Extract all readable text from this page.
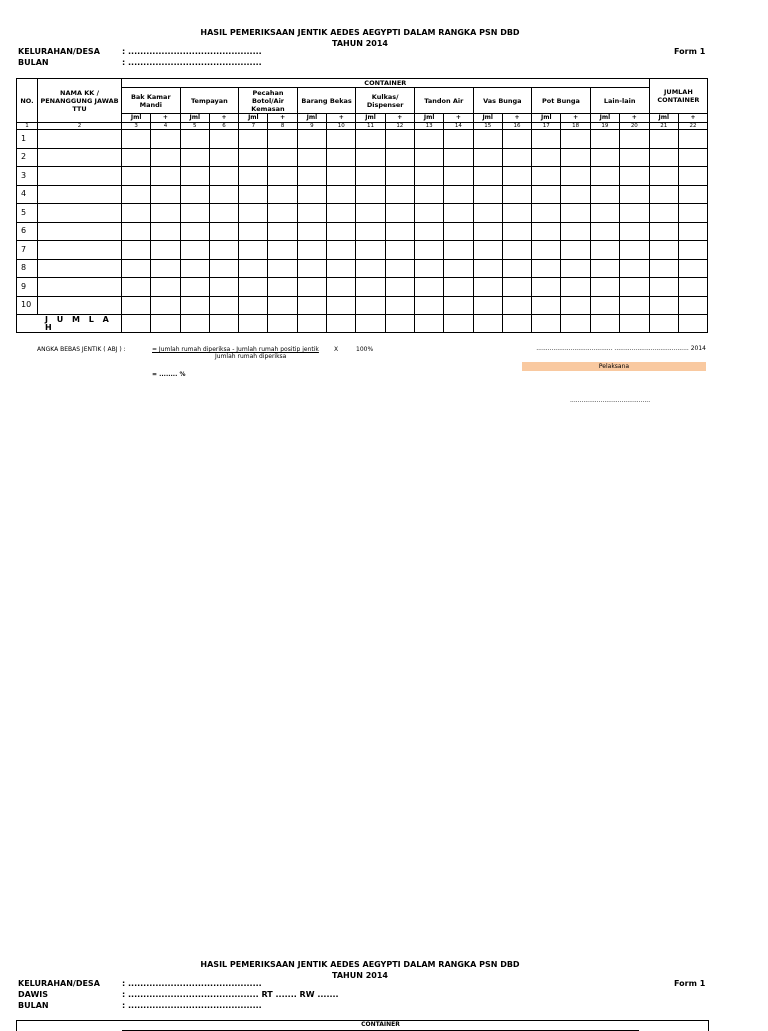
HASIL PEMERIKSAAN JENTIK AEDES AEGYPTI DALAM RANGKA PSN DBD
TAHUN 2014
KELURAHAN/DESA	: ............................................
BULAN	: ............................................
Form 1
NO.	NAMA KK / PENANGGUNG JAWAB TTU	CONTAINER																		JUMLAH CONTAINER	
		Bak Kamar Mandi		Tempayan		Pecahan Botol/Air Kemasan		Barang Bekas		Kulkas/ Dispenser		Tandon Air		Vas Bunga		Pot Bunga		Lain-lain			
		Jml	+	Jml	+	Jml	+	Jml	+	Jml	+	Jml	+	Jml	+	Jml	+	Jml	+	Jml	+
1	2	3	4	5	6	7	8	9	10	11	12	13	14	15	16	17	18	19	20	21	22
1																					
2																					
3																					
4																					
5																					
6																					
7																					
8																					
9																					
10																					
J U M L A H																					
ANGKA BEBAS JENTIK ( ABJ ) :	= Jumlah rumah diperiksa - Jumlah rumah positip jentik
Jumlah rumah diperiksa
X	100%
= ........ %
........................................ ....................................... 2014
Pelaksana
..........................................
HASIL PEMERIKSAAN JENTIK AEDES AEGYPTI DALAM RANGKA PSN DBD
TAHUN 2014
KELURAHAN/DESA	: ............................................
DAWIS	: ........................................... RT ....... RW .......
BULAN	: ............................................
Form 1
CONTAINER
